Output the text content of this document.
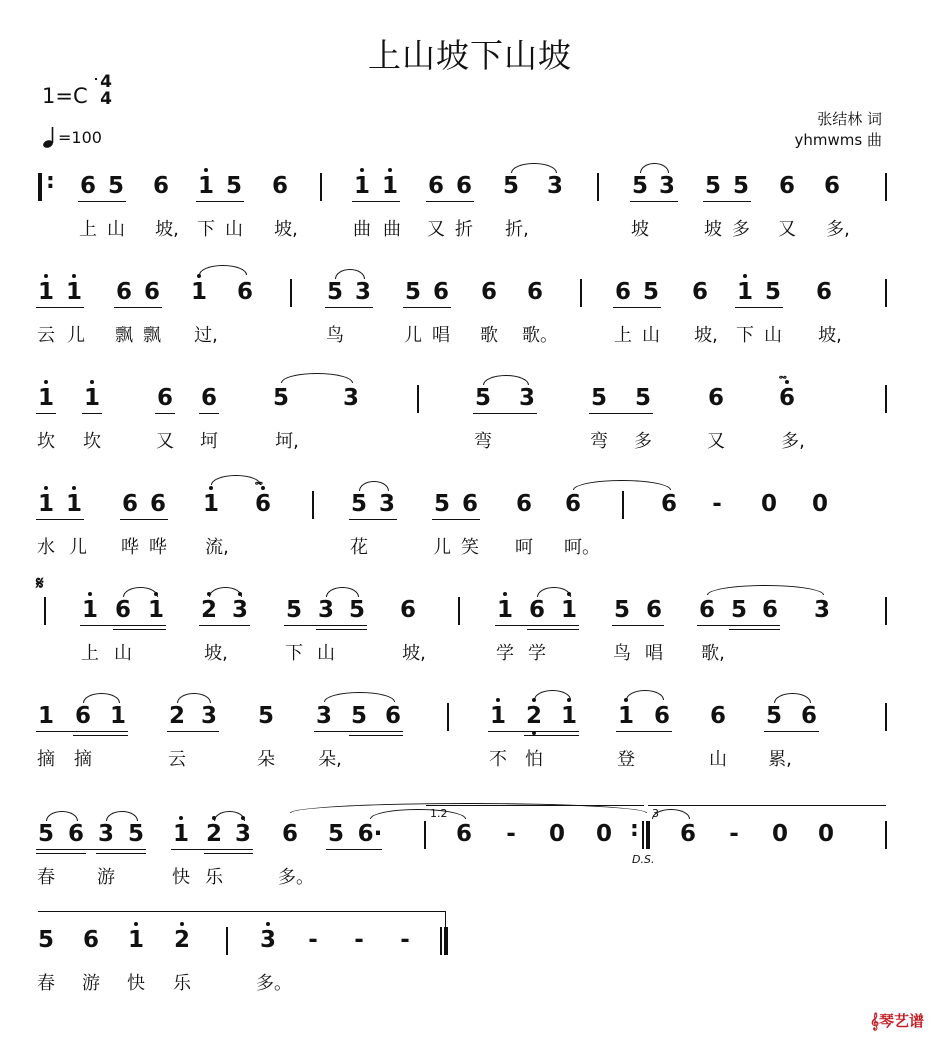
上山坡下山坡
1=C
4
4
=100
张结林 词
yhmwms 曲
: 6 5 6 1 5 6	1 1 6 6 5 3	5 3 5 5 6 6
上 山 坡, 下 山 坡,	曲 曲 又 折 折,	坡	坡 多 又 多,
1 1 6 6 1 6	5 3 5 6 6 6	6 5 6 1 5 6
云 儿 飘 飘 过,	鸟	儿 唱 歌 歌。	上 山 坡, 下 山 坡,
1 1 6 6 5 3	5 3 5 5 6 6
𝆗
坎 坎	又 坷	坷,	弯	弯 多	又	多,
1 1 6 6 1 6
𝆗
5 3 5 6 6 6	6 - 0 0
水 儿 哗 哗 流,	花	儿 笑 呵 呵。
𝄋
1 6 1 2 3 5 3 5 6	1 6 1 5 6 6 5 6 3
上 山	坡,	下 山	坡,	学 学	鸟 唱 歌,
1 6 1 2 3 5 3 5 6	1 2 1 1 6 6 5 6
摘 摘	云	朵 朵,	不 怕	登	山 累,
5 6 3 5 1 2 3 6 5 6·
1.2
6 - 0 0 :
D.S.
3
6 - 0 0
春 游	快 乐	多。
5 6 1 2	3 - - -
春 游 快 乐	多。
𝄞琴艺谱
